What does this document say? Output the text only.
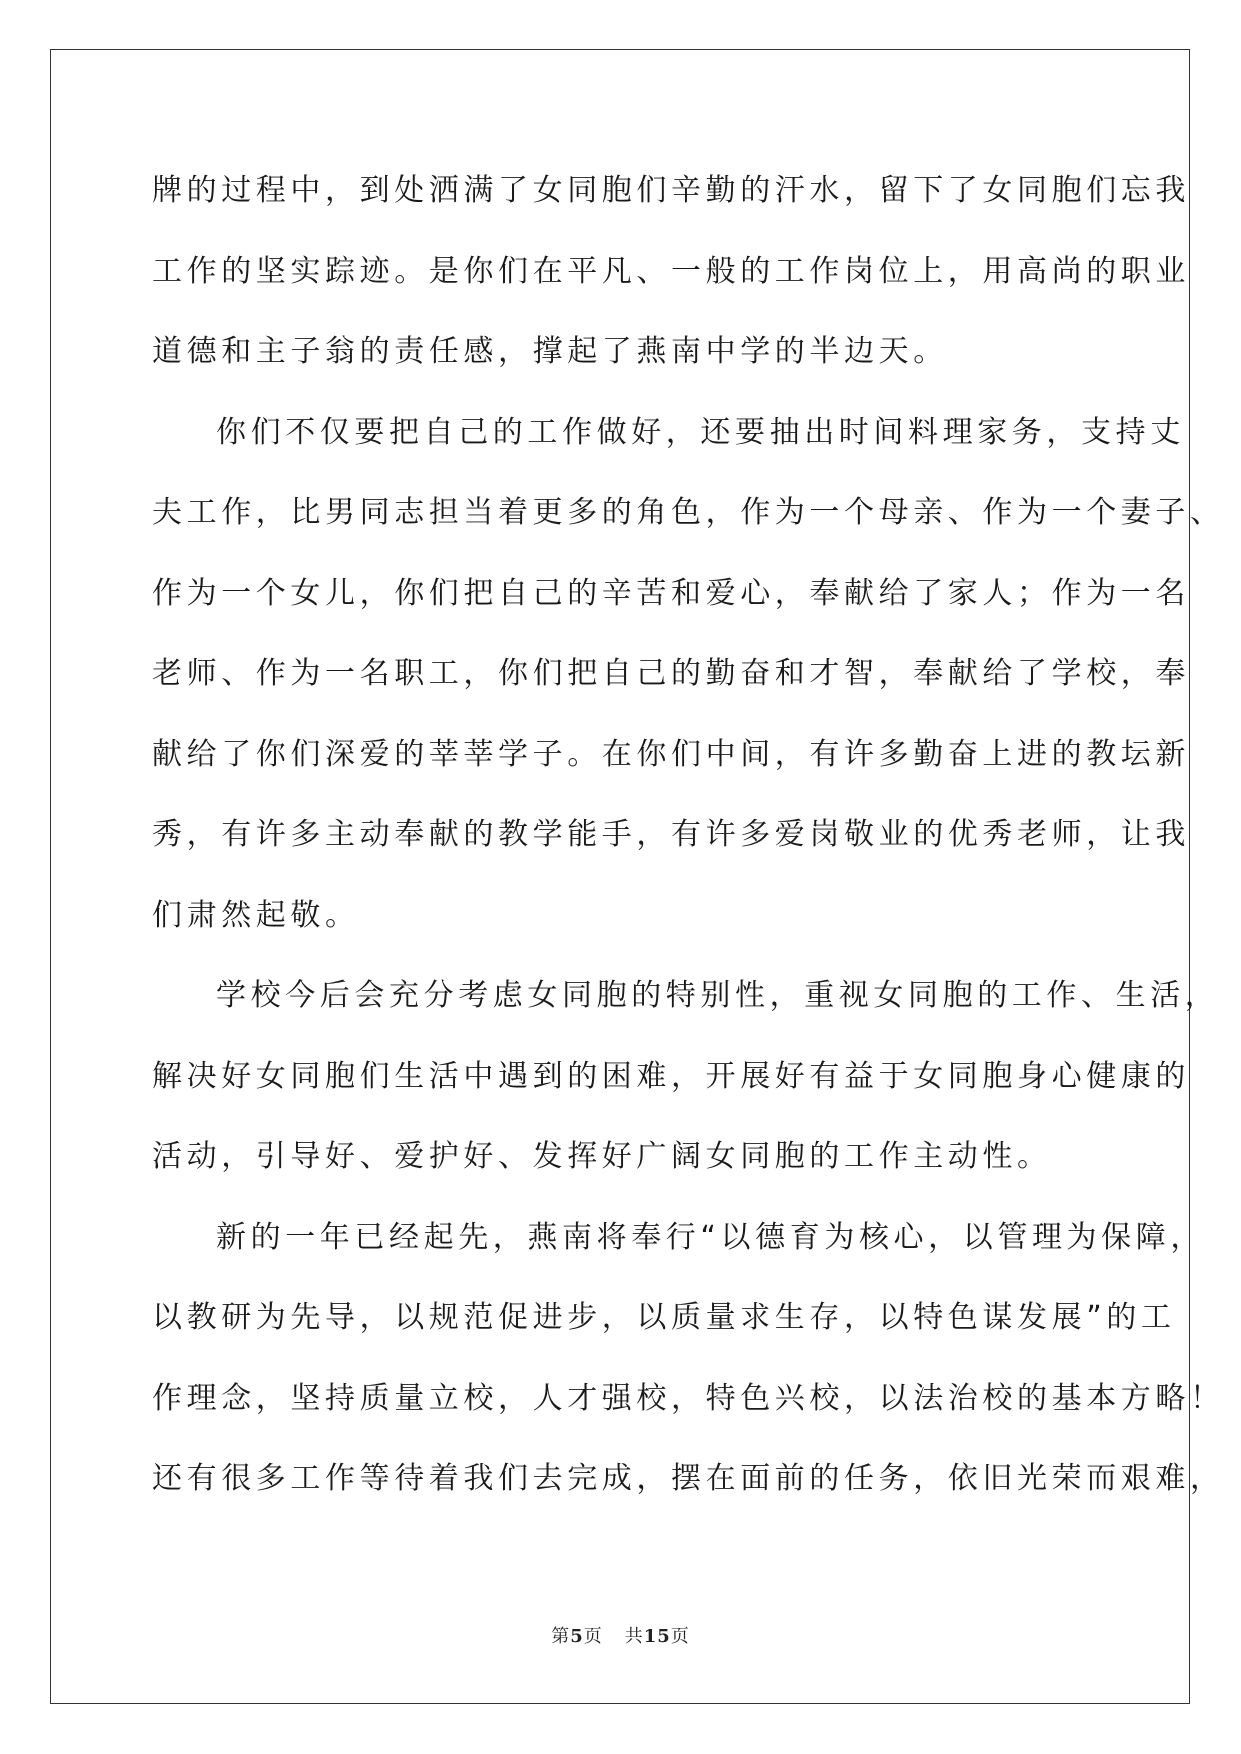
牌的过程中，到处洒满了女同胞们辛勤的汗水，留下了女同胞们忘我
工作的坚实踪迹。是你们在平凡、一般的工作岗位上，用高尚的职业
道德和主子翁的责任感，撑起了燕南中学的半边天。
你们不仅要把自己的工作做好，还要抽出时间料理家务，支持丈
夫工作，比男同志担当着更多的角色，作为一个母亲、作为一个妻子、
作为一个女儿，你们把自己的辛苦和爱心，奉献给了家人；作为一名
老师、作为一名职工，你们把自己的勤奋和才智，奉献给了学校，奉
献给了你们深爱的莘莘学子。在你们中间，有许多勤奋上进的教坛新
秀，有许多主动奉献的教学能手，有许多爱岗敬业的优秀老师，让我
们肃然起敬。
学校今后会充分考虑女同胞的特别性，重视女同胞的工作、生活，
解决好女同胞们生活中遇到的困难，开展好有益于女同胞身心健康的
活动，引导好、爱护好、发挥好广阔女同胞的工作主动性。
新的一年已经起先，燕南将奉行“以德育为核心，以管理为保障，
以教研为先导，以规范促进步，以质量求生存，以特色谋发展”的工
作理念，坚持质量立校，人才强校，特色兴校，以法治校的基本方略！
还有很多工作等待着我们去完成，摆在面前的任务，依旧光荣而艰难，
第5页 共15页
